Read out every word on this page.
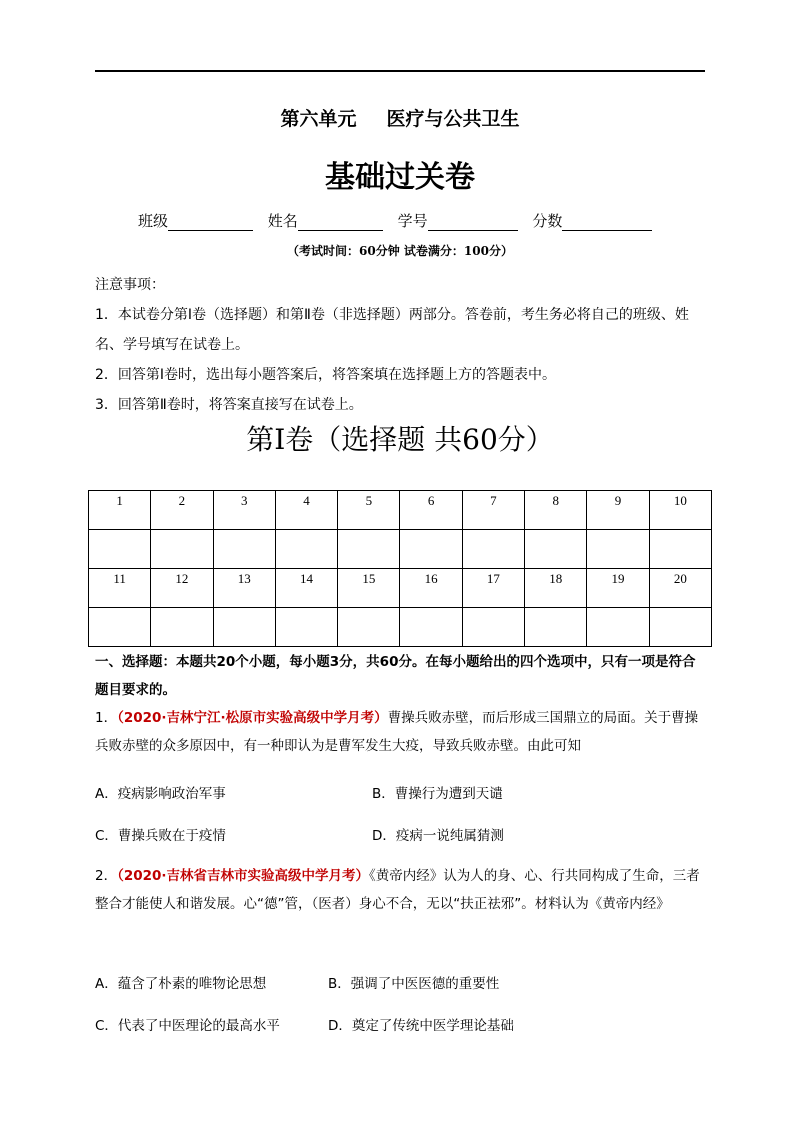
第六单元 医疗与公共卫生
基础过关卷
班级	姓名	学号	分数
（考试时间：60分钟 试卷满分：100分）

注意事项：

1．本试卷分第Ⅰ卷（选择题）和第Ⅱ卷（非选择题）两部分。答卷前，考生务必将自己的班级、姓名、学号填写在试卷上。

2．回答第Ⅰ卷时，选出每小题答案后，将答案填在选择题上方的答题表中。

3．回答第Ⅱ卷时，将答案直接写在试卷上。

第Ⅰ卷（选择题 共60分）
1	2	3	4	5	6	7	8	9	10

11	12	13	14	15	16	17	18	19	20

一、选择题：本题共20个小题，每小题3分，共60分。在每小题给出的四个选项中，只有一项是符合题目要求的。

1．（2020·吉林宁江·松原市实验高级中学月考）曹操兵败赤壁，而后形成三国鼎立的局面。关于曹操兵败赤壁的众多原因中，有一种即认为是曹军发生大疫，导致兵败赤壁。由此可知

A．疫病影响政治军事	B．曹操行为遭到天谴
C．曹操兵败在于疫情	D．疫病一说纯属猜测

2．（2020·吉林省吉林市实验高级中学月考）《黄帝内经》认为人的身、心、行共同构成了生命，三者整合才能使人和谐发展。心“德”管，（医者）身心不合，无以“扶正祛邪”。材料认为《黄帝内经》

A．蕴含了朴素的唯物论思想	B．强调了中医医德的重要性
C．代表了中医理论的最高水平	D．奠定了传统中医学理论基础
